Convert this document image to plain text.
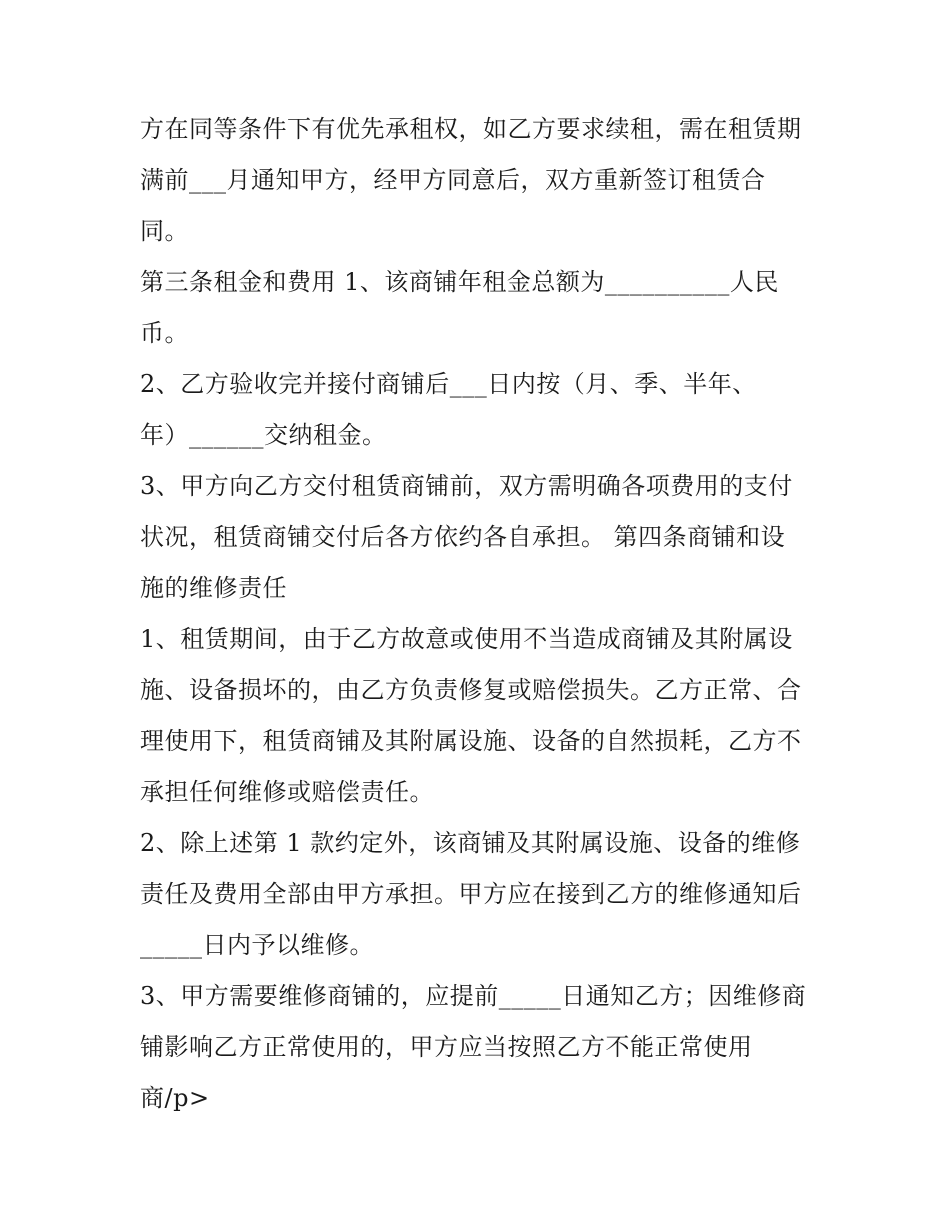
方在同等条件下有优先承租权，如乙方要求续租，需在租赁期
满前___月通知甲方，经甲方同意后，双方重新签订租赁合
同。
第三条租金和费用 1、该商铺年租金总额为__________人民
币。
2、乙方验收完并接付商铺后___日内按（月、季、半年、
年）______交纳租金。
3、甲方向乙方交付租赁商铺前，双方需明确各项费用的支付
状况，租赁商铺交付后各方依约各自承担。 第四条商铺和设
施的维修责任
1、租赁期间，由于乙方故意或使用不当造成商铺及其附属设
施、设备损坏的，由乙方负责修复或赔偿损失。乙方正常、合
理使用下，租赁商铺及其附属设施、设备的自然损耗，乙方不
承担任何维修或赔偿责任。
2、除上述第 1 款约定外，该商铺及其附属设施、设备的维修
责任及费用全部由甲方承担。甲方应在接到乙方的维修通知后
_____日内予以维修。
3、甲方需要维修商铺的，应提前_____日通知乙方；因维修商
铺影响乙方正常使用的，甲方应当按照乙方不能正常使用
商/p>
